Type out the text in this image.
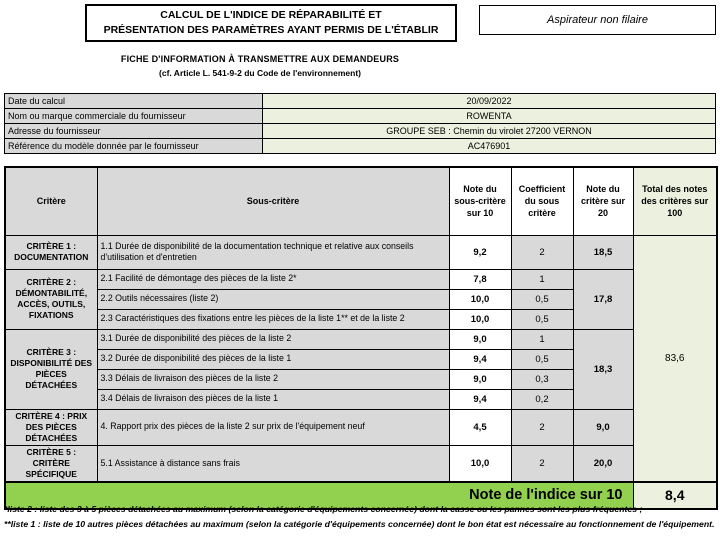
CALCUL DE L'INDICE DE RÉPARABILITÉ ET
PRÉSENTATION DES PARAMÈTRES AYANT PERMIS DE L'ÉTABLIR
Aspirateur non filaire
FICHE D'INFORMATION À TRANSMETTRE AUX DEMANDEURS
(cf. Article L. 541-9-2 du Code de l'environnement)
Date du calcul	20/09/2022
Nom ou marque commerciale du fournisseur	ROWENTA
Adresse du fournisseur	GROUPE SEB : Chemin du virolet 27200 VERNON
Référence du modèle donnée par le fournisseur	AC476901
Critère	Sous-critère	Note du sous-critère sur 10	Coefficient du sous critère	Note du critère sur 20	Total des notes des critères sur 100
CRITÈRE 1 : DOCUMENTATION	1.1 Durée de disponibilité de la documentation technique et relative aux conseils d'utilisation et d'entretien	9,2	2	18,5	83,6
CRITÈRE 2 : DÉMONTABILITÉ, ACCÈS, OUTILS, FIXATIONS	2.1 Facilité de démontage des pièces de la liste 2*	7,8	1	17,8	
	2.2 Outils nécessaires (liste 2)	10,0	0,5		
	2.3 Caractéristiques des fixations entre les pièces de la liste 1** et de la liste 2	10,0	0,5		
CRITÈRE 3 : DISPONIBILITÉ DES PIÈCES DÉTACHÉES	3.1 Durée de disponibilité des pièces de la liste 2	9,0	1	18,3	
	3.2 Durée de disponibilité des pièces de la liste 1	9,4	0,5		
	3.3 Délais de livraison des pièces de la liste 2	9,0	0,3		
	3.4 Délais de livraison des pièces de la liste 1	9,4	0,2		
CRITÈRE 4 : PRIX DES PIÈCES DÉTACHÉES	4. Rapport prix des pièces de la liste 2 sur prix de l'équipement neuf	4,5	2	9,0	
CRITÈRE 5 : CRITÈRE SPÉCIFIQUE	5.1 Assistance à distance sans frais	10,0	2	20,0	
Note de l'indice sur 10					8,4
*liste 2 : liste des 3 à 5 pièces détachées au maximum (selon la catégorie d'équipements concernée) dont la casse ou les pannes sont les plus fréquentes ;
**liste 1 : liste de 10 autres pièces détachées au maximum (selon la catégorie d'équipements concernée) dont le bon état est nécessaire au fonctionnement de l'équipement.
